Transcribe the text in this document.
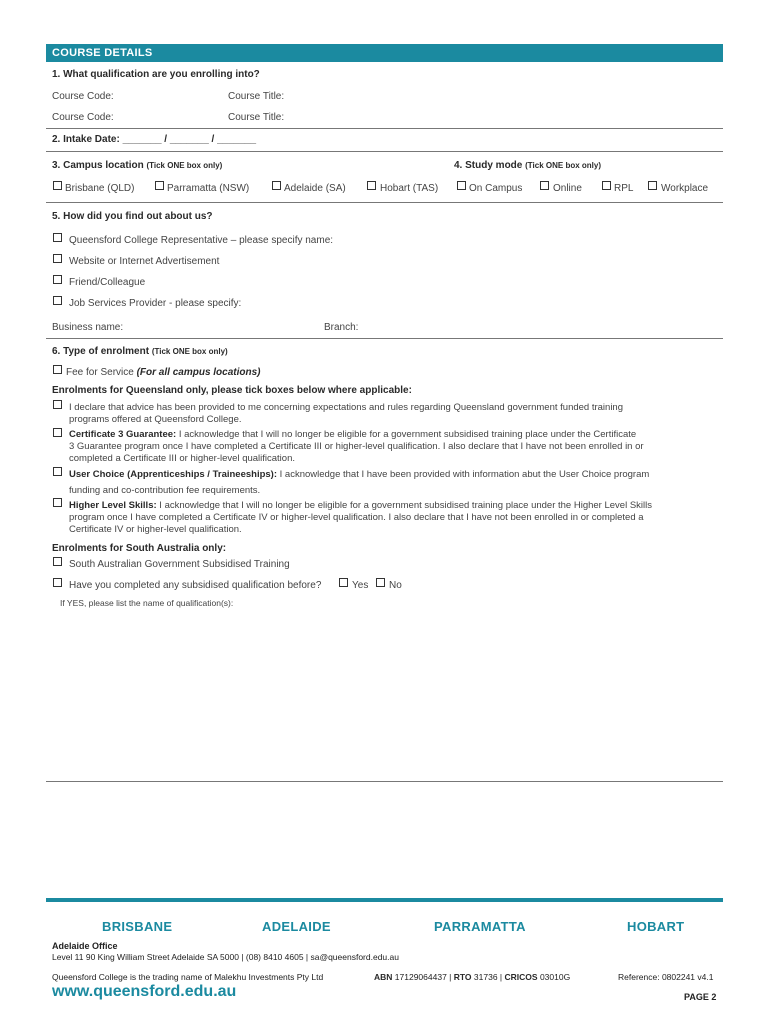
COURSE DETAILS
1. What qualification are you enrolling into?
Course Code:	Course Title:
Course Code:	Course Title:
2. Intake Date: _______ / _______ / _______
3. Campus location (Tick ONE box only)	4. Study mode (Tick ONE box only)
Brisbane (QLD)	Parramatta (NSW)	Adelaide (SA)	Hobart (TAS)	On Campus	Online	RPL	Workplace
5. How did you find out about us?
Queensford College Representative – please specify name:
Website or Internet Advertisement
Friend/Colleague
Job Services Provider - please specify:
Business name:	Branch:
6. Type of enrolment (Tick ONE box only)
Fee for Service (For all campus locations)
Enrolments for Queensland only, please tick boxes below where applicable:
I declare that advice has been provided to me concerning expectations and rules regarding Queensland government funded training
programs offered at Queensford College.
Certificate 3 Guarantee: I acknowledge that I will no longer be eligible for a government subsidised training place under the Certificate
3 Guarantee program once I have completed a Certificate III or higher-level qualification. I also declare that I have not been enrolled in or
completed a Certificate III or higher-level qualification.
User Choice (Apprenticeships / Traineeships): I acknowledge that I have been provided with information abut the User Choice program
funding and co-contribution fee requirements.
Higher Level Skills: I acknowledge that I will no longer be eligible for a government subsidised training place under the Higher Level Skills
program once I have completed a Certificate IV or higher-level qualification. I also declare that I have not been enrolled in or completed a
Certificate IV or higher-level qualification.
Enrolments for South Australia only:
South Australian Government Subsidised Training
Have you completed any subsidised qualification before?	Yes No
If YES, please list the name of qualification(s):
BRISBANE	ADELAIDE	PARRAMATTA	HOBART
Adelaide Office
Level 11 90 King William Street Adelaide SA 5000 | (08) 8410 4605 | sa@queensford.edu.au
Queensford College is the trading name of Malekhu Investments Pty Ltd	ABN 17129064437 | RTO 31736 | CRICOS 03010G	Reference: 0802241 v4.1
www.queensford.edu.au	PAGE 2
